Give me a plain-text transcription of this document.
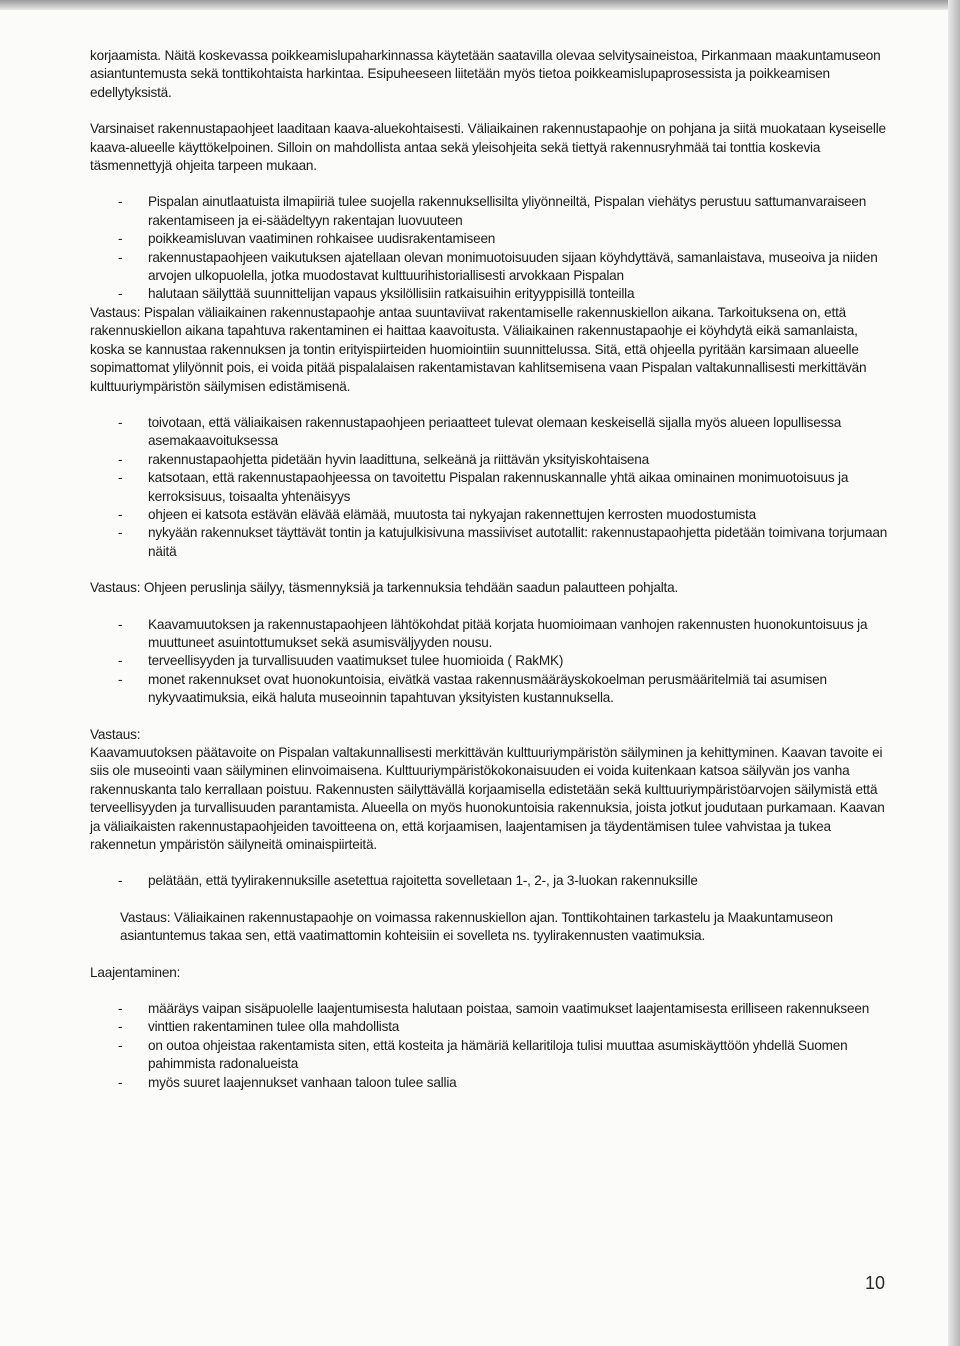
korjaamista. Näitä koskevassa poikkeamislupaharkinnassa käytetään saatavilla olevaa selvitysaineistoa, Pirkanmaan maakuntamuseon asiantuntemusta sekä tonttikohtaista harkintaa. Esipuheeseen liitetään myös tietoa poikkeamislupaprosessista ja poikkeamisen edellytyksistä.

Varsinaiset rakennustapaohjeet laaditaan kaava-aluekohtaisesti. Väliaikainen rakennustapaohje on pohjana ja siitä muokataan kyseiselle kaava-alueelle käyttökelpoinen. Silloin on mahdollista antaa sekä yleisohjeita sekä tiettyä rakennusryhmää tai tonttia koskevia täsmennettyjä ohjeita tarpeen mukaan.

- Pispalan ainutlaatuista ilmapiiriä tulee suojella rakennuksellisilta yliyönneiltä, Pispalan viehätys perustuu sattumanvaraiseen rakentamiseen ja ei-säädeltyyn rakentajan luovuuteen
- poikkeamisluvan vaatiminen rohkaisee uudisrakentamiseen
- rakennustapaohjeen vaikutuksen ajatellaan olevan monimuotoisuuden sijaan köyhdyttävä, samanlaistava, museoiva ja niiden arvojen ulkopuolella, jotka muodostavat kulttuurihistoriallisesti arvokkaan Pispalan
- halutaan säilyttää suunnittelijan vapaus yksilöllisiin ratkaisuihin erityyppisillä tonteilla

Vastaus: Pispalan väliaikainen rakennustapaohje antaa suuntaviivat rakentamiselle rakennuskiellon aikana. Tarkoituksena on, että rakennuskiellon aikana tapahtuva rakentaminen ei haittaa kaavoitusta. Väliaikainen rakennustapaohje ei köyhdytä eikä samanlaista, koska se kannustaa rakennuksen ja tontin erityispiirteiden huomiointiin suunnittelussa. Sitä, että ohjeella pyritään karsimaan alueelle sopimattomat ylilyönnit pois, ei voida pitää pispalalaisen rakentamistavan kahlitsemisena vaan Pispalan valtakunnallisesti merkittävän kulttuuriympäristön säilymisen edistämisenä.

- toivotaan, että väliaikaisen rakennustapaohjeen periaatteet tulevat olemaan keskeisellä sijalla myös alueen lopullisessa asemakaavoituksessa
- rakennustapaohjetta pidetään hyvin laadittuna, selkeänä ja riittävän yksityiskohtaisena
- katsotaan, että rakennustapaohjeessa on tavoitettu Pispalan rakennuskannalle yhtä aikaa ominainen monimuotoisuus ja kerroksisuus, toisaalta yhtenäisyys
- ohjeen ei katsota estävän elävää elämää, muutosta tai nykyajan rakennettujen kerrosten muodostumista
- nykyään rakennukset täyttävät tontin ja katujulkisivuna massiiviset autotallit: rakennustapaohjetta pidetään toimivana torjumaan näitä

Vastaus: Ohjeen peruslinja säilyy, täsmennyksiä ja tarkennuksia tehdään saadun palautteen pohjalta.

- Kaavamuutoksen ja rakennustapaohjeen lähtökohdat pitää korjata huomioimaan vanhojen rakennusten huonokuntoisuus ja muuttuneet asuintottumukset sekä asumisväljyyden nousu.
- terveellisyyden ja turvallisuuden vaatimukset tulee huomioida ( RakMK)
- monet rakennukset ovat huonokuntoisia, eivätkä vastaa rakennusmääräyskokoelman perusmääritelmiä tai asumisen nykyvaatimuksia, eikä haluta museoinnin tapahtuvan yksityisten kustannuksella.

Vastaus:

Kaavamuutoksen päätavoite on Pispalan valtakunnallisesti merkittävän kulttuuriympäristön säilyminen ja kehittyminen. Kaavan tavoite ei siis ole museointi vaan säilyminen elinvoimaisena. Kulttuuriympäristökokonaisuuden ei voida kuitenkaan katsoa säilyvän jos vanha rakennuskanta talo kerrallaan poistuu. Rakennusten säilyttävällä korjaamisella edistetään sekä kulttuuriympäristöarvojen säilymistä että terveellisyyden ja turvallisuuden parantamista. Alueella on myös huonokuntoisia rakennuksia, joista jotkut joudutaan purkamaan. Kaavan ja väliaikaisten rakennustapaohjeiden tavoitteena on, että korjaamisen, laajentamisen ja täydentämisen tulee vahvistaa ja tukea rakennetun ympäristön säilyneitä ominaispiirteitä.

- pelätään, että tyylirakennuksille asetettua rajoitetta sovelletaan 1-, 2-, ja 3-luokan rakennuksille

Vastaus: Väliaikainen rakennustapaohje on voimassa rakennuskiellon ajan. Tonttikohtainen tarkastelu ja Maakuntamuseon asiantuntemus takaa sen, että vaatimattomin kohteisiin ei sovelleta ns. tyylirakennusten vaatimuksia.

Laajentaminen:

- määräys vaipan sisäpuolelle laajentumisesta halutaan poistaa, samoin vaatimukset laajentamisesta erilliseen rakennukseen
- vinttien rakentaminen tulee olla mahdollista
- on outoa ohjeistaa rakentamista siten, että kosteita ja hämäriä kellaritiloja tulisi muuttaa asumiskäyttöön yhdellä Suomen pahimmista radonalueista
- myös suuret laajennukset vanhaan taloon tulee sallia
10
